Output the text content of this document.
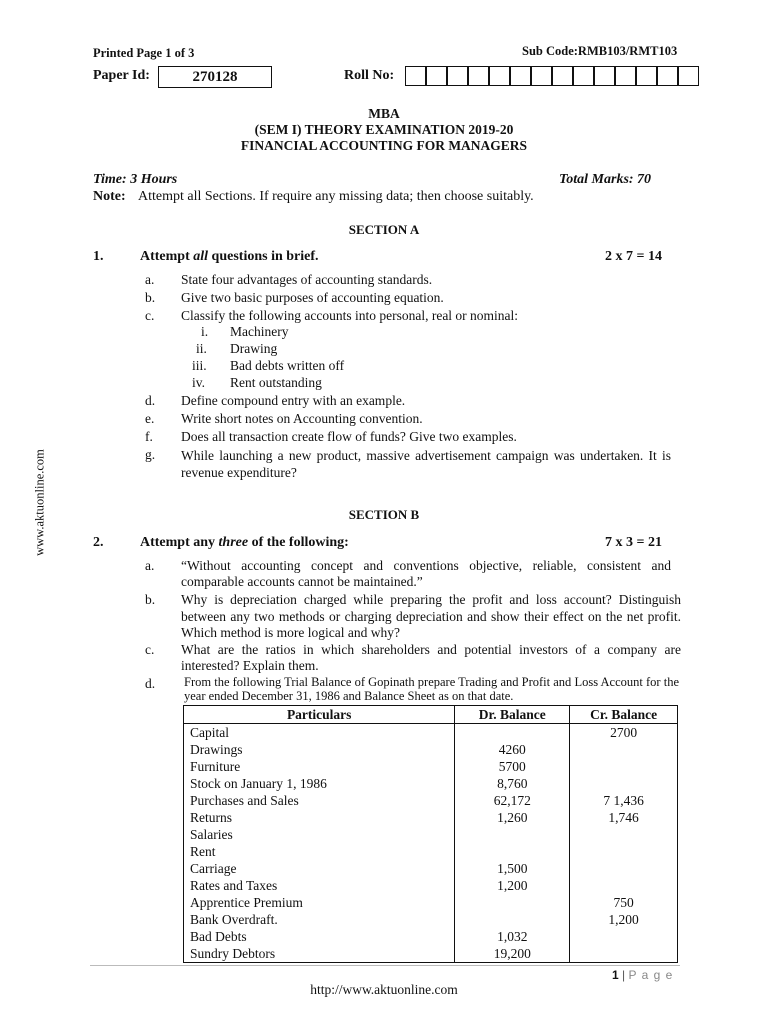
www.aktuonline.com
Printed Page 1 of 3	Sub Code:RMB103/RMT103
Paper Id:	270128	Roll No:
MBA
(SEM I) THEORY EXAMINATION 2019-20
FINANCIAL ACCOUNTING FOR MANAGERS
Time: 3 Hours	Total Marks: 70
Note: Attempt all Sections. If require any missing data; then choose suitably.
SECTION A
1.	Attempt all questions in brief.	2 x 7 = 14
a. State four advantages of accounting standards.
b. Give two basic purposes of accounting equation.
c. Classify the following accounts into personal, real or nominal:
i. Machinery
ii. Drawing
iii. Bad debts written off
iv. Rent outstanding
d. Define compound entry with an example.
e. Write short notes on Accounting convention.
f. Does all transaction create flow of funds? Give two examples.
g. While launching a new product, massive advertisement campaign was undertaken. It is revenue expenditure?
SECTION B
2.	Attempt any three of the following:	7 x 3 = 21
a. “Without accounting concept and conventions objective, reliable, consistent and comparable accounts cannot be maintained.”
b. Why is depreciation charged while preparing the profit and loss account? Distinguish between any two methods or charging depreciation and show their effect on the net profit. Which method is more logical and why?
c. What are the ratios in which shareholders and potential investors of a company are interested? Explain them.
d. From the following Trial Balance of Gopinath prepare Trading and Profit and Loss Account for the year ended December 31, 1986 and Balance Sheet as on that date.
Particulars	Dr. Balance	Cr. Balance
Capital		2700
Drawings	4260	
Furniture	5700	
Stock on January 1, 1986	8,760	
Purchases and Sales	62,172	7 1,436
Returns	1,260	1,746
Salaries		
Rent		
Carriage	1,500	
Rates and Taxes	1,200	
Apprentice Premium		750
Bank Overdraft.		1,200
Bad Debts	1,032	
Sundry Debtors	19,200	
1 | P a g e
http://www.aktuonline.com
